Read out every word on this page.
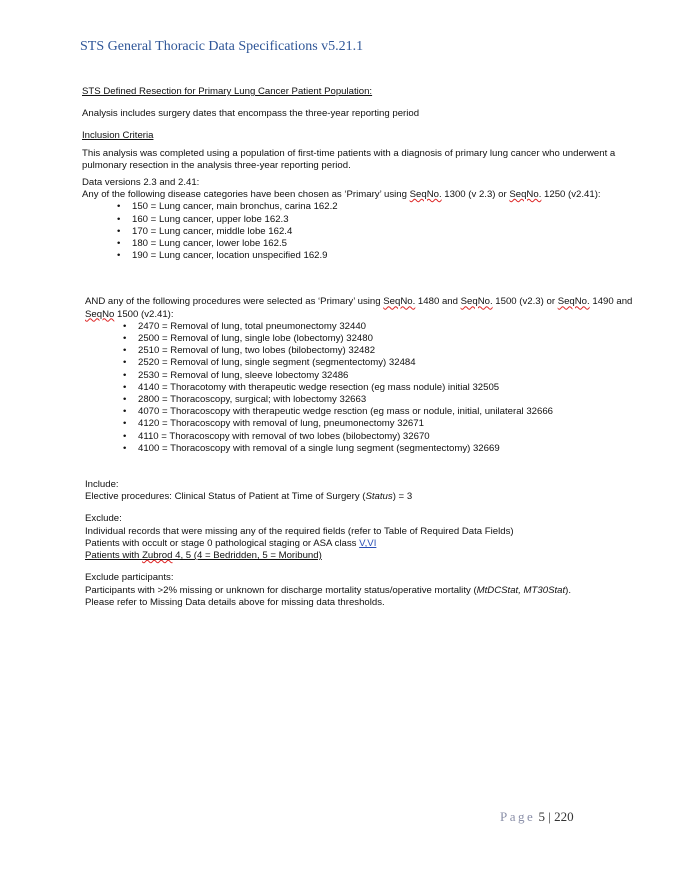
STS General Thoracic Data Specifications v5.21.1

STS Defined Resection for Primary Lung Cancer Patient Population:

Analysis includes surgery dates that encompass the three-year reporting period

Inclusion Criteria

This analysis was completed using a population of first-time patients with a diagnosis of primary lung cancer who underwent a pulmonary resection in the analysis three-year reporting period.

Data versions 2.3 and 2.41:

Any of the following disease categories have been chosen as ‘Primary’ using SeqNo. 1300 (v 2.3) or SeqNo. 1250 (v2.41):

• 150 = Lung cancer, main bronchus, carina 162.2
• 160 = Lung cancer, upper lobe 162.3
• 170 = Lung cancer, middle lobe 162.4
• 180 = Lung cancer, lower lobe 162.5
• 190 = Lung cancer, location unspecified 162.9

AND any of the following procedures were selected as ‘Primary’ using SeqNo. 1480 and SeqNo. 1500 (v2.3) or SeqNo. 1490 and
SeqNo 1500 (v2.41):

• 2470 = Removal of lung, total pneumonectomy 32440
• 2500 = Removal of lung, single lobe (lobectomy) 32480
• 2510 = Removal of lung, two lobes (bilobectomy) 32482
• 2520 = Removal of lung, single segment (segmentectomy) 32484
• 2530 = Removal of lung, sleeve lobectomy 32486
• 4140 = Thoracotomy with therapeutic wedge resection (eg mass nodule) initial 32505
• 2800 = Thoracoscopy, surgical; with lobectomy 32663
• 4070 = Thoracoscopy with therapeutic wedge resction (eg mass or nodule, initial, unilateral 32666
• 4120 = Thoracoscopy with removal of lung, pneumonectomy 32671
• 4110 = Thoracoscopy with removal of two lobes (bilobectomy) 32670
• 4100 = Thoracoscopy with removal of a single lung segment (segmentectomy) 32669

Include:

Elective procedures: Clinical Status of Patient at Time of Surgery (Status) = 3

Exclude:

Individual records that were missing any of the required fields (refer to Table of Required Data Fields)

Patients with occult or stage 0 pathological staging or ASA class V,VI

Patients with Zubrod 4, 5 (4 = Bedridden, 5 = Moribund)

Exclude participants:

Participants with >2% missing or unknown for discharge mortality status/operative mortality (MtDCStat, MT30Stat).

Please refer to Missing Data details above for missing data thresholds.

Page 5 | 220
